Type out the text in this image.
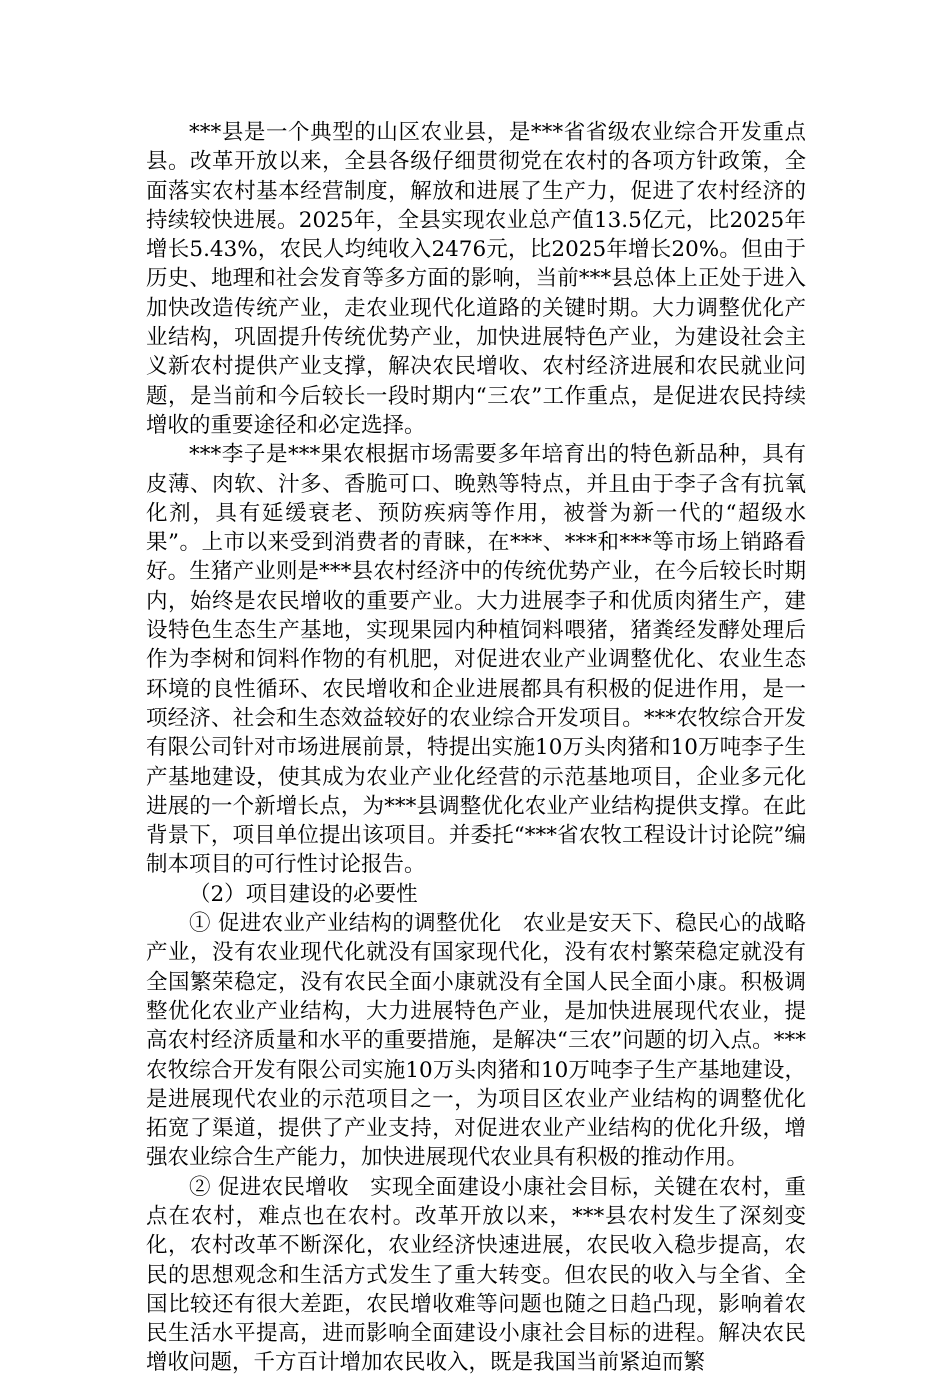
***县是一个典型的山区农业县，是***省省级农业综合开发重点县。改革开放以来，全县各级仔细贯彻党在农村的各项方针政策，全面落实农村基本经营制度，解放和进展了生产力，促进了农村经济的持续较快进展。2025年，全县实现农业总产值13.5亿元，比2025年增长5.43%，农民人均纯收入2476元，比2025年增长20%。但由于历史、地理和社会发育等多方面的影响，当前***县总体上正处于进入加快改造传统产业，走农业现代化道路的关键时期。大力调整优化产业结构，巩固提升传统优势产业，加快进展特色产业，为建设社会主义新农村提供产业支撑，解决农民增收、农村经济进展和农民就业问题，是当前和今后较长一段时期内“三农”工作重点，是促进农民持续增收的重要途径和必定选择。

***李子是***果农根据市场需要多年培育出的特色新品种，具有皮薄、肉软、汁多、香脆可口、晚熟等特点，并且由于李子含有抗氧化剂，具有延缓衰老、预防疾病等作用，被誉为新一代的“超级水果”。上市以来受到消费者的青睐，在***、***和***等市场上销路看好。生猪产业则是***县农村经济中的传统优势产业，在今后较长时期内，始终是农民增收的重要产业。大力进展李子和优质肉猪生产，建设特色生态生产基地，实现果园内种植饲料喂猪，猪粪经发酵处理后作为李树和饲料作物的有机肥，对促进农业产业调整优化、农业生态环境的良性循环、农民增收和企业进展都具有积极的促进作用，是一项经济、社会和生态效益较好的农业综合开发项目。***农牧综合开发有限公司针对市场进展前景，特提出实施10万头肉猪和10万吨李子生产基地建设，使其成为农业产业化经营的示范基地项目，企业多元化进展的一个新增长点，为***县调整优化农业产业结构提供支撑。在此背景下，项目单位提出该项目。并委托“***省农牧工程设计讨论院”编制本项目的可行性讨论报告。

（2）项目建设的必要性

① 促进农业产业结构的调整优化 农业是安天下、稳民心的战略产业，没有农业现代化就没有国家现代化，没有农村繁荣稳定就没有全国繁荣稳定，没有农民全面小康就没有全国人民全面小康。积极调整优化农业产业结构，大力进展特色产业，是加快进展现代农业，提高农村经济质量和水平的重要措施，是解决“三农”问题的切入点。***农牧综合开发有限公司实施10万头肉猪和10万吨李子生产基地建设，是进展现代农业的示范项目之一，为项目区农业产业结构的调整优化拓宽了渠道，提供了产业支持，对促进农业产业结构的优化升级，增强农业综合生产能力，加快进展现代农业具有积极的推动作用。

② 促进农民增收 实现全面建设小康社会目标，关键在农村，重点在农村，难点也在农村。改革开放以来，***县农村发生了深刻变化，农村改革不断深化，农业经济快速进展，农民收入稳步提高，农民的思想观念和生活方式发生了重大转变。但农民的收入与全省、全国比较还有很大差距，农民增收难等问题也随之日趋凸现，影响着农民生活水平提高，进而影响全面建设小康社会目标的进程。解决农民增收问题，千方百计增加农民收入，既是我国当前紧迫而繁
